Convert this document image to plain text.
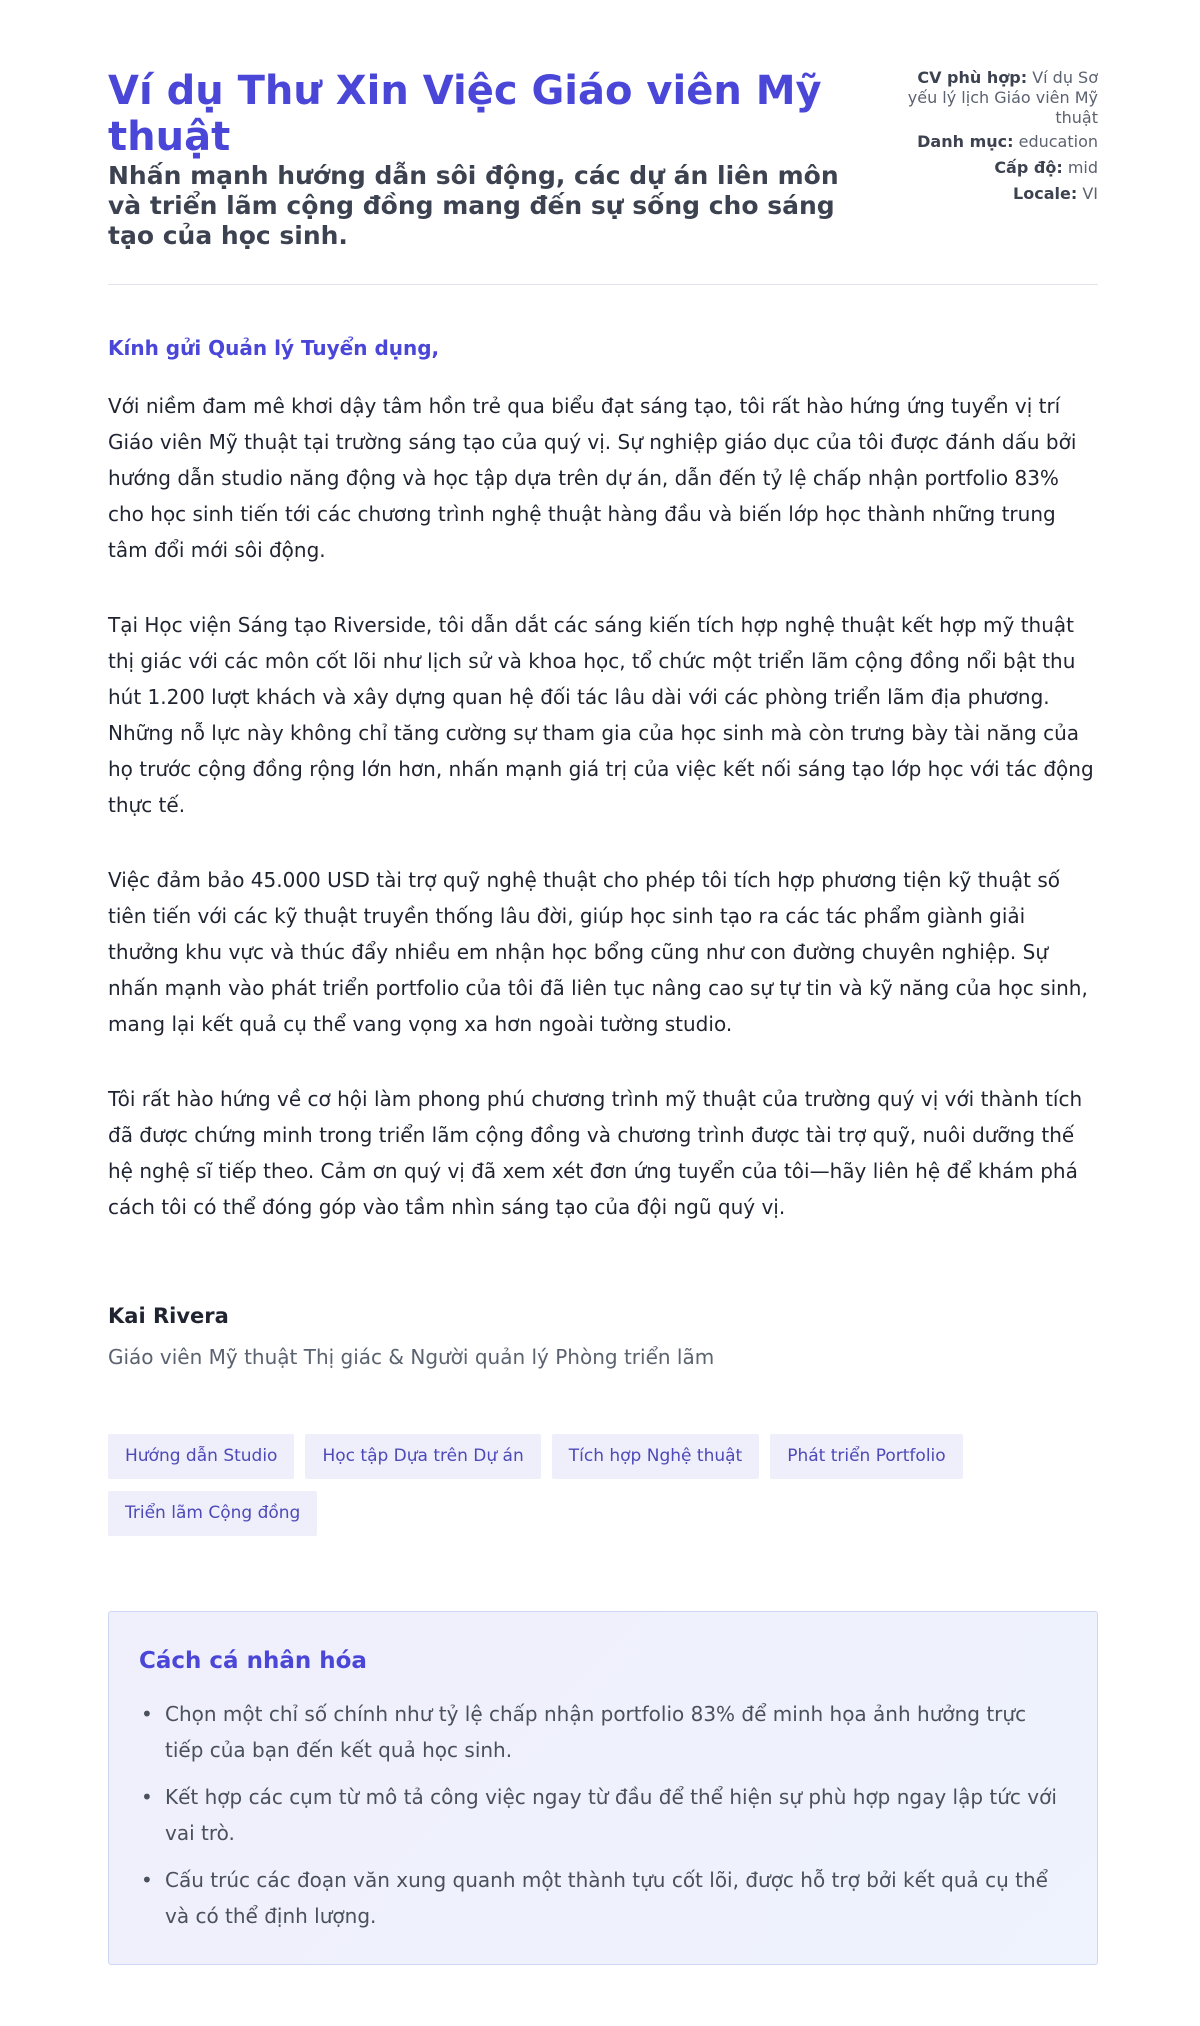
Ví dụ Thư Xin Việc Giáo viên Mỹ thuật
Nhấn mạnh hướng dẫn sôi động, các dự án liên môn và triển lãm cộng đồng mang đến sự sống cho sáng tạo của học sinh.
CV phù hợp: Ví dụ Sơ yếu lý lịch Giáo viên Mỹ thuật
Danh mục: education
Cấp độ: mid
Locale: VI
Kính gửi Quản lý Tuyển dụng,

Với niềm đam mê khơi dậy tâm hồn trẻ qua biểu đạt sáng tạo, tôi rất hào hứng ứng tuyển vị trí Giáo viên Mỹ thuật tại trường sáng tạo của quý vị. Sự nghiệp giáo dục của tôi được đánh dấu bởi hướng dẫn studio năng động và học tập dựa trên dự án, dẫn đến tỷ lệ chấp nhận portfolio 83% cho học sinh tiến tới các chương trình nghệ thuật hàng đầu và biến lớp học thành những trung tâm đổi mới sôi động.

Tại Học viện Sáng tạo Riverside, tôi dẫn dắt các sáng kiến tích hợp nghệ thuật kết hợp mỹ thuật thị giác với các môn cốt lõi như lịch sử và khoa học, tổ chức một triển lãm cộng đồng nổi bật thu hút 1.200 lượt khách và xây dựng quan hệ đối tác lâu dài với các phòng triển lãm địa phương. Những nỗ lực này không chỉ tăng cường sự tham gia của học sinh mà còn trưng bày tài năng của họ trước cộng đồng rộng lớn hơn, nhấn mạnh giá trị của việc kết nối sáng tạo lớp học với tác động thực tế.

Việc đảm bảo 45.000 USD tài trợ quỹ nghệ thuật cho phép tôi tích hợp phương tiện kỹ thuật số tiên tiến với các kỹ thuật truyền thống lâu đời, giúp học sinh tạo ra các tác phẩm giành giải thưởng khu vực và thúc đẩy nhiều em nhận học bổng cũng như con đường chuyên nghiệp. Sự nhấn mạnh vào phát triển portfolio của tôi đã liên tục nâng cao sự tự tin và kỹ năng của học sinh, mang lại kết quả cụ thể vang vọng xa hơn ngoài tường studio.

Tôi rất hào hứng về cơ hội làm phong phú chương trình mỹ thuật của trường quý vị với thành tích đã được chứng minh trong triển lãm cộng đồng và chương trình được tài trợ quỹ, nuôi dưỡng thế hệ nghệ sĩ tiếp theo. Cảm ơn quý vị đã xem xét đơn ứng tuyển của tôi—hãy liên hệ để khám phá cách tôi có thể đóng góp vào tầm nhìn sáng tạo của đội ngũ quý vị.

Kai Rivera
Giáo viên Mỹ thuật Thị giác & Người quản lý Phòng triển lãm
Hướng dẫn Studio	Học tập Dựa trên Dự án	Tích hợp Nghệ thuật	Phát triển Portfolio
Triển lãm Cộng đồng
Cách cá nhân hóa
• Chọn một chỉ số chính như tỷ lệ chấp nhận portfolio 83% để minh họa ảnh hưởng trực tiếp của bạn đến kết quả học sinh.
• Kết hợp các cụm từ mô tả công việc ngay từ đầu để thể hiện sự phù hợp ngay lập tức với vai trò.
• Cấu trúc các đoạn văn xung quanh một thành tựu cốt lõi, được hỗ trợ bởi kết quả cụ thể và có thể định lượng.
